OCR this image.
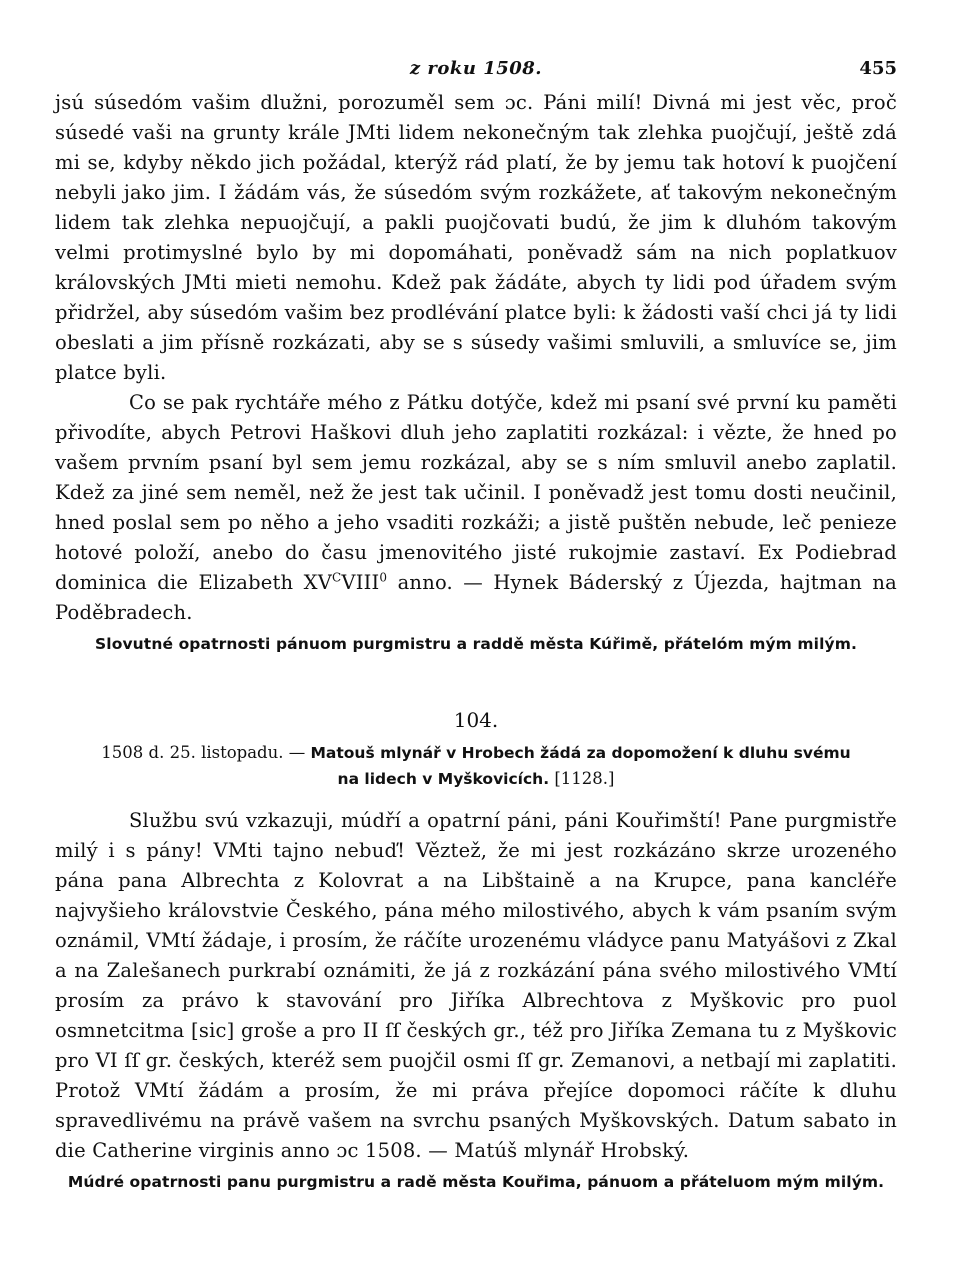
z roku 1508.	455

jsú súsedóm vašim dlužni, porozuměl sem ɔc. Páni milí! Divná mi jest věc, proč súsedé vaši na grunty krále JMti lidem nekonečným tak zlehka puojčují, ještě zdá mi se, kdyby někdo jich požádal, kterýž rád platí, že by jemu tak hotoví k puojčení nebyli jako jim. I žádám vás, že súsedóm svým rozkážete, ať takovým nekonečným lidem tak zlehka nepuojčují, a pakli puojčovati budú, že jim k dluhóm takovým velmi protimyslné bylo by mi dopomáhati, poněvadž sám na nich poplatkuov královských JMti mieti nemohu. Kdež pak žádáte, abych ty lidi pod úřadem svým přidržel, aby súsedóm vašim bez prodlévání platce byli: k žádosti vaší chci já ty lidi obeslati a jim přísně rozkázati, aby se s súsedy vašimi smluvili, a smluvíce se, jim platce byli.

Co se pak rychtáře mého z Pátku dotýče, kdež mi psaní své první ku paměti přivodíte, abych Petrovi Haškovi dluh jeho zaplatiti rozkázal: i vězte, že hned po vašem prvním psaní byl sem jemu rozkázal, aby se s ním smluvil anebo zaplatil. Kdež za jiné sem neměl, než že jest tak učinil. I poněvadž jest tomu dosti neučinil, hned poslal sem po něho a jeho vsaditi rozkáži; a jistě puštěn nebude, leč penieze hotové položí, anebo do času jmenovitého jisté rukojmie zastaví. Ex Podiebrad dominica die Elizabeth $XV^CVIII^0$ anno. — Hynek Báderský z Újezda, hajtman na Poděbradech.

Slovutné opatrnosti pánuom purgmistru a raddě města Kúřimě, přátelóm mým milým.

104.
1508 d. 25. listopadu. — Matouš mlynář v Hrobech žádá za dopomožení k dluhu svému
na lidech v Myškovicích. [1128.]

Službu svú vzkazuji, múdří a opatrní páni, páni Kouřimští! Pane purgmistře milý i s pány! VMti tajno nebuď! Věztež, že mi jest rozkázáno skrze urozeného pána pana Albrechta z Kolovrat a na Libštaině a na Krupce, pana kancléře najvyšieho královstvie Českého, pána mého milostivého, abych k vám psaním svým oznámil, VMtí žádaje, i prosím, že ráčíte urozenému vládyce panu Matyášovi z Zkal a na Zalešanech purkrabí oznámiti, že já z rozkázání pána svého milostivého VMtí prosím za právo k stavování pro Jiříka Albrechtova z Myškovic pro puol osmnetcitma [sic] groše a pro II ſſ českých gr., též pro Jiříka Zemana tu z Myškovic pro VI ſſ gr. českých, kteréž sem puojčil osmi ſſ gr. Zemanovi, a netbají mi zaplatiti. Protož VMtí žádám a prosím, že mi práva přejíce dopomoci ráčíte k dluhu spravedlivému na právě vašem na svrchu psaných Myškovských. Datum sabato in die Catherine virginis anno ɔc 1508. — Matúš mlynář Hrobský.

Múdré opatrnosti panu purgmistru a radě města Kouřima, pánuom a přáteluom mým milým.
